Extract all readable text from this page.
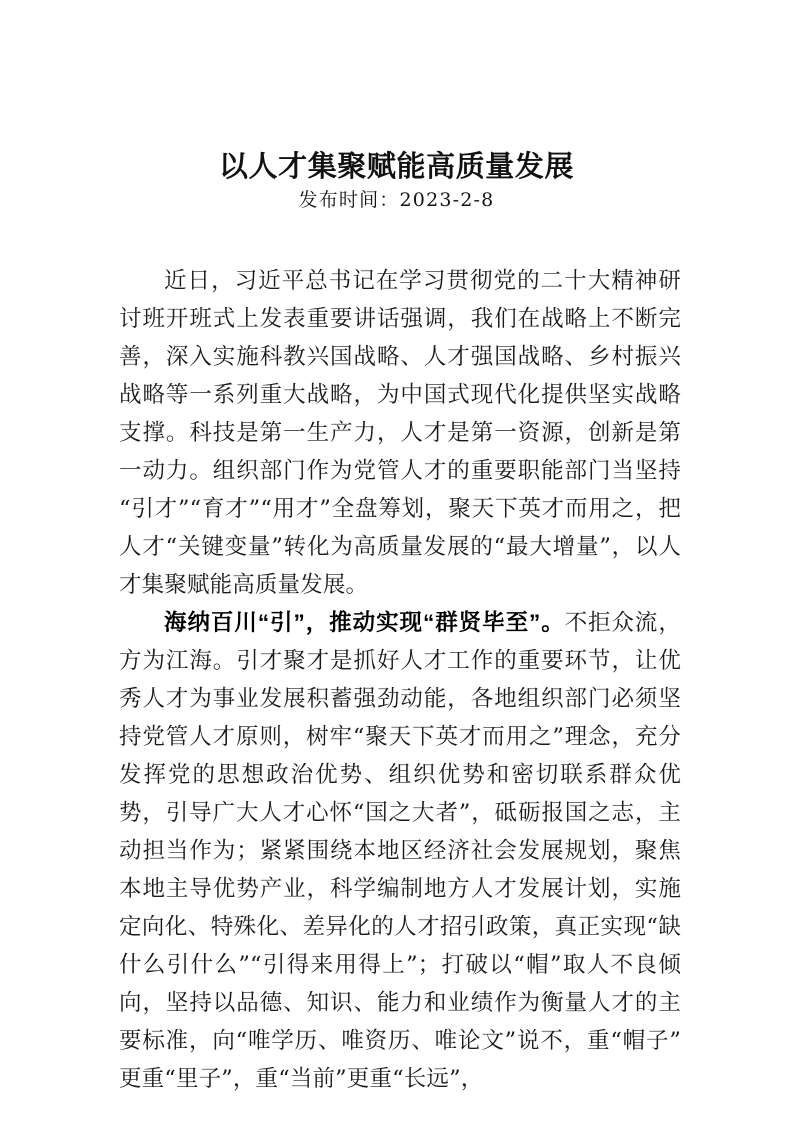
以人才集聚赋能高质量发展
发布时间：2023-2-8

近日，习近平总书记在学习贯彻党的二十大精神研讨班开班式上发表重要讲话强调，我们在战略上不断完善，深入实施科教兴国战略、人才强国战略、乡村振兴战略等一系列重大战略，为中国式现代化提供坚实战略支撑。科技是第一生产力，人才是第一资源，创新是第一动力。组织部门作为党管人才的重要职能部门当坚持“引才”“育才”“用才”全盘筹划，聚天下英才而用之，把人才“关键变量”转化为高质量发展的“最大增量”，以人才集聚赋能高质量发展。

海纳百川“引”，推动实现“群贤毕至”。不拒众流，方为江海。引才聚才是抓好人才工作的重要环节，让优秀人才为事业发展积蓄强劲动能，各地组织部门必须坚持党管人才原则，树牢“聚天下英才而用之”理念，充分发挥党的思想政治优势、组织优势和密切联系群众优势，引导广大人才心怀“国之大者”，砥砺报国之志，主动担当作为；紧紧围绕本地区经济社会发展规划，聚焦本地主导优势产业，科学编制地方人才发展计划，实施定向化、特殊化、差异化的人才招引政策，真正实现“缺什么引什么”“引得来用得上”；打破以“帽”取人不良倾向，坚持以品德、知识、能力和业绩作为衡量人才的主要标准，向“唯学历、唯资历、唯论文”说不，重“帽子”更重“里子”，重“当前”更重“长远”，
